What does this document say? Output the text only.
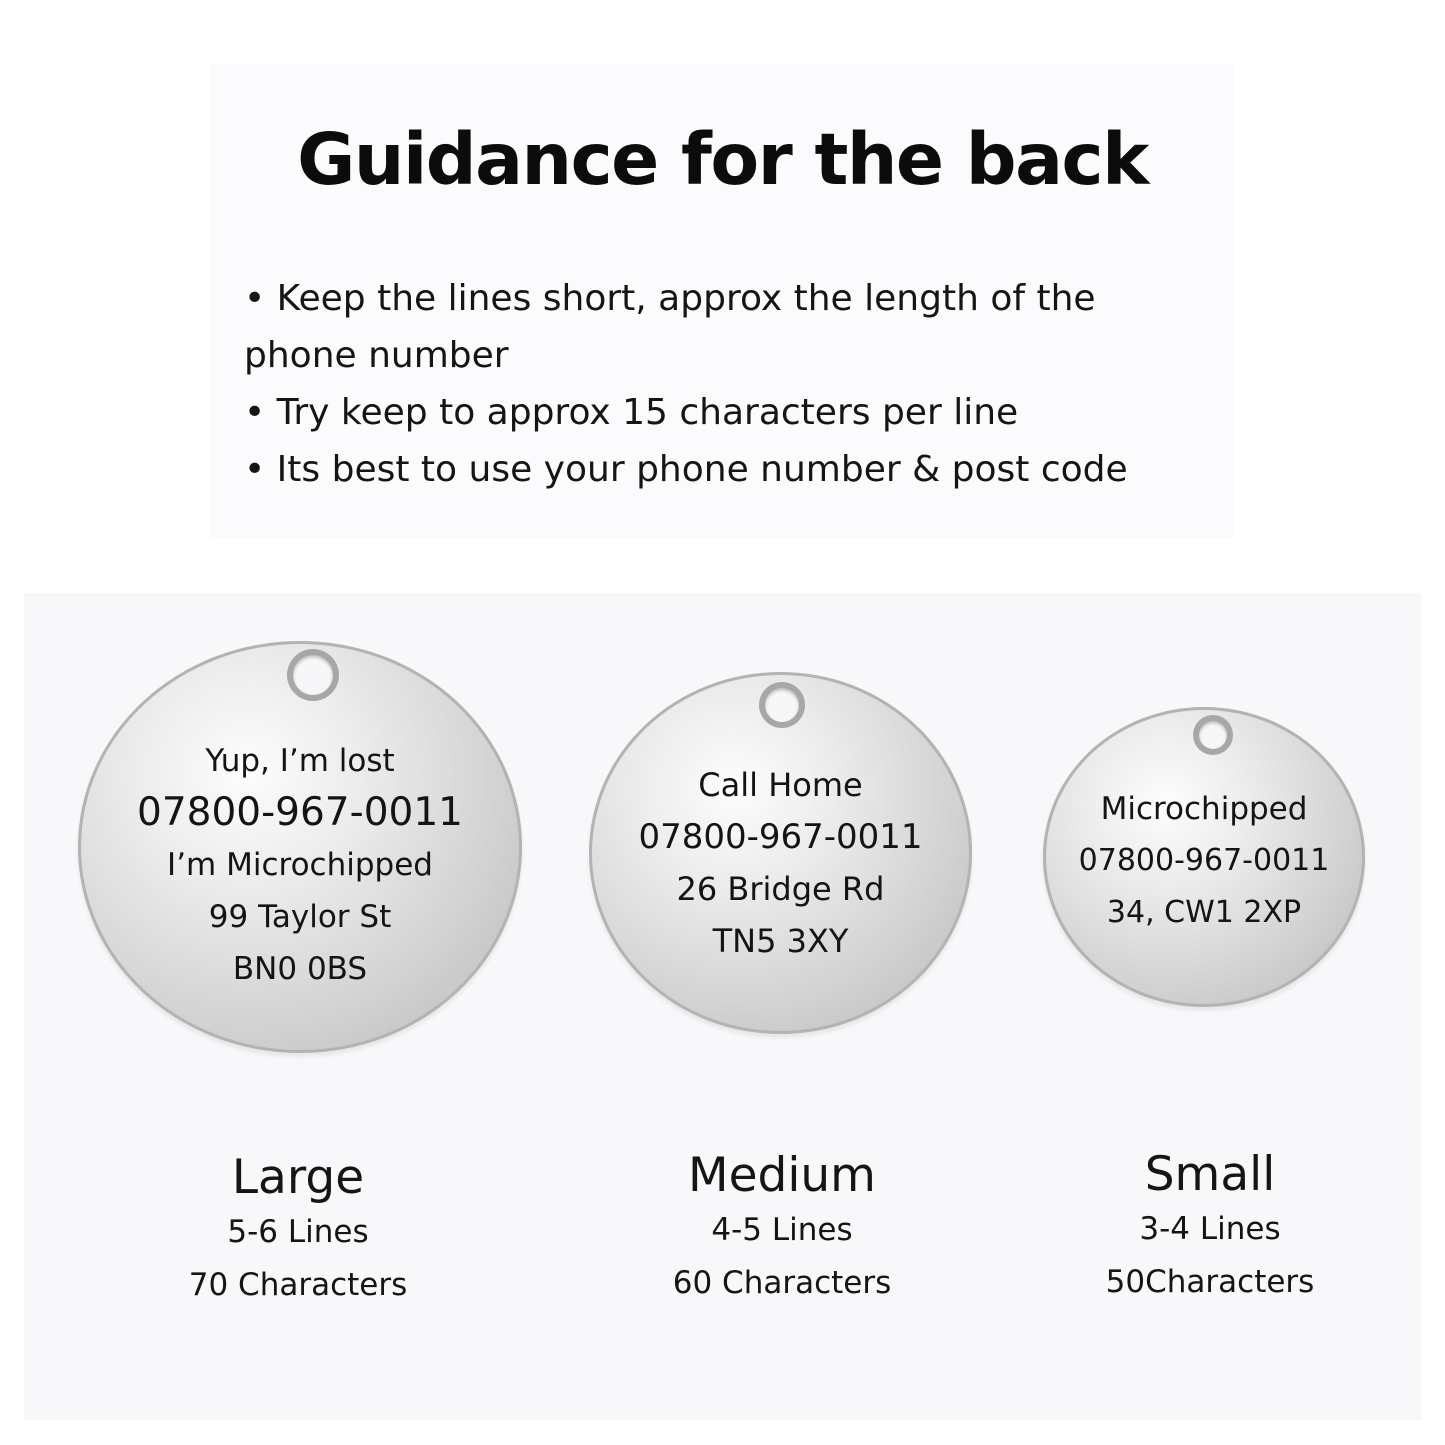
Guidance for the back
• Keep the lines short, approx the length of the
phone number
• Try keep to approx 15 characters per line
• Its best to use your phone number & post code
Yup, I’m lost
07800-967-0011
I’m Microchipped
99 Taylor St
BN0 0BS
Call Home
07800-967-0011
26 Bridge Rd
TN5 3XY
Microchipped
07800-967-0011
34, CW1 2XP
Large
5-6 Lines
70 Characters
Medium
4-5 Lines
60 Characters
Small
3-4 Lines
50Characters
